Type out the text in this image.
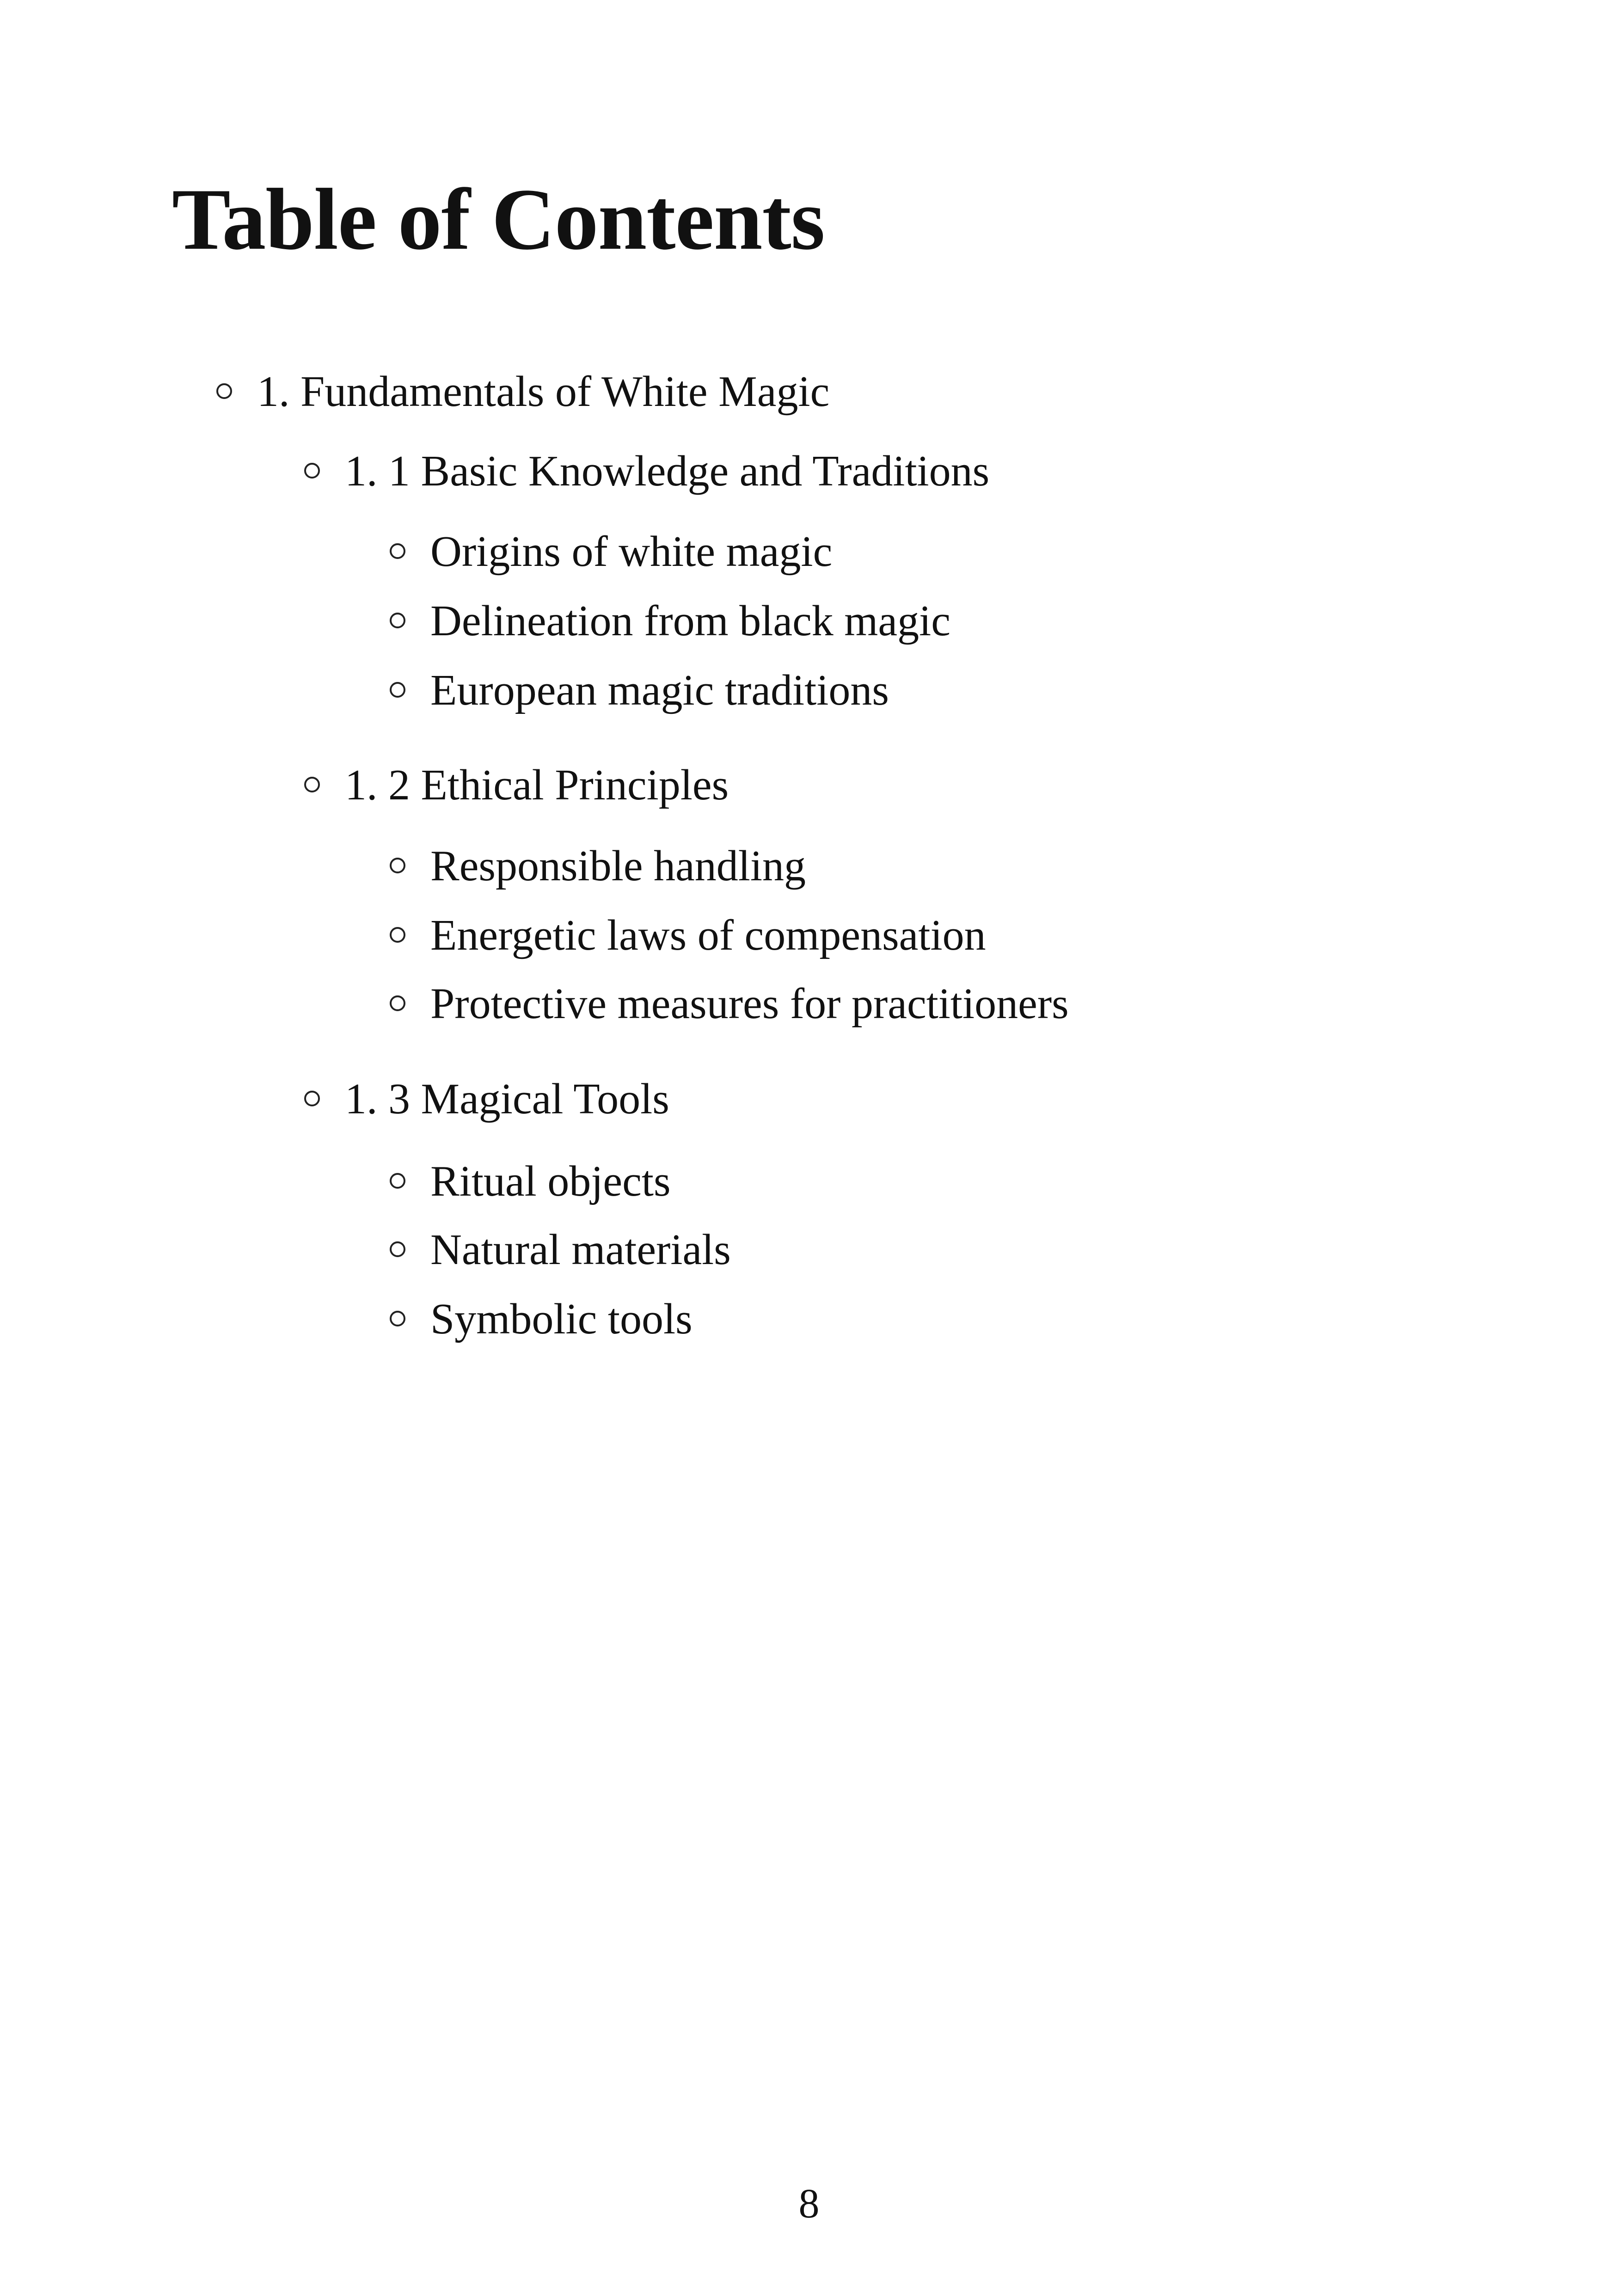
Table of Contents
1. Fundamentals of White Magic
1. 1 Basic Knowledge and Traditions
Origins of white magic
Delineation from black magic
European magic traditions
1. 2 Ethical Principles
Responsible handling
Energetic laws of compensation
Protective measures for practitioners
1. 3 Magical Tools
Ritual objects
Natural materials
Symbolic tools
8
